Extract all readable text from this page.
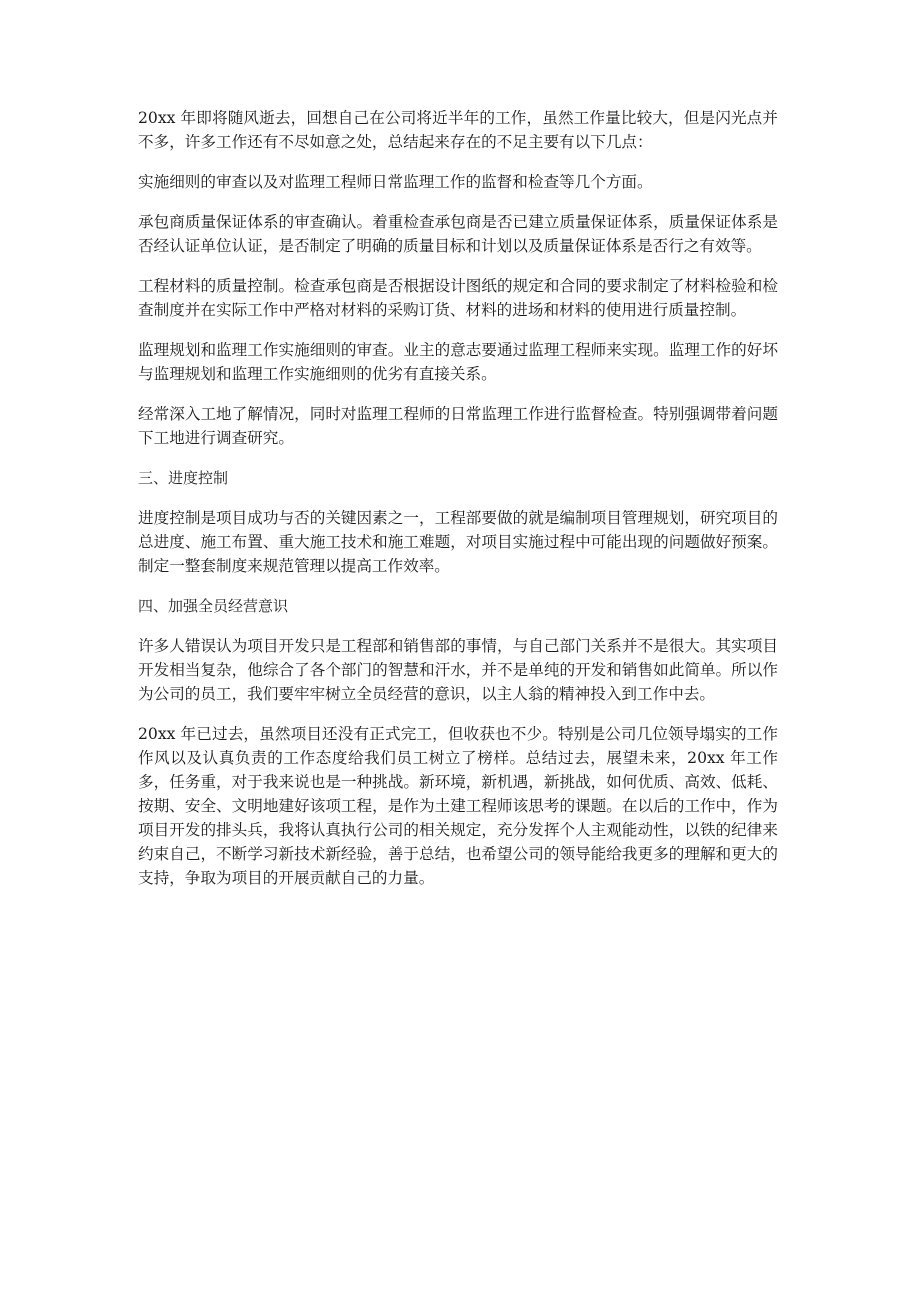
20xx 年即将随风逝去，回想自己在公司将近半年的工作，虽然工作量比较大，但是闪光点并不多，许多工作还有不尽如意之处，总结起来存在的不足主要有以下几点：

实施细则的审查以及对监理工程师日常监理工作的监督和检查等几个方面。

承包商质量保证体系的审查确认。着重检查承包商是否已建立质量保证体系，质量保证体系是否经认证单位认证，是否制定了明确的质量目标和计划以及质量保证体系是否行之有效等。

工程材料的质量控制。检查承包商是否根据设计图纸的规定和合同的要求制定了材料检验和检查制度并在实际工作中严格对材料的采购订货、材料的进场和材料的使用进行质量控制。

监理规划和监理工作实施细则的审查。业主的意志要通过监理工程师来实现。监理工作的好坏与监理规划和监理工作实施细则的优劣有直接关系。

经常深入工地了解情况，同时对监理工程师的日常监理工作进行监督检查。特别强调带着问题下工地进行调查研究。

三、进度控制

进度控制是项目成功与否的关键因素之一，工程部要做的就是编制项目管理规划，研究项目的总进度、施工布置、重大施工技术和施工难题，对项目实施过程中可能出现的问题做好预案。制定一整套制度来规范管理以提高工作效率。

四、加强全员经营意识

许多人错误认为项目开发只是工程部和销售部的事情，与自己部门关系并不是很大。其实项目开发相当复杂，他综合了各个部门的智慧和汗水，并不是单纯的开发和销售如此简单。所以作为公司的员工，我们要牢牢树立全员经营的意识，以主人翁的精神投入到工作中去。

20xx 年已过去，虽然项目还没有正式完工，但收获也不少。特别是公司几位领导塌实的工作作风以及认真负责的工作态度给我们员工树立了榜样。总结过去，展望未来，20xx 年工作多，任务重，对于我来说也是一种挑战。新环境，新机遇，新挑战，如何优质、高效、低耗、按期、安全、文明地建好该项工程，是作为土建工程师该思考的课题。在以后的工作中，作为项目开发的排头兵，我将认真执行公司的相关规定，充分发挥个人主观能动性，以铁的纪律来约束自己，不断学习新技术新经验，善于总结，也希望公司的领导能给我更多的理解和更大的支持，争取为项目的开展贡献自己的力量。
